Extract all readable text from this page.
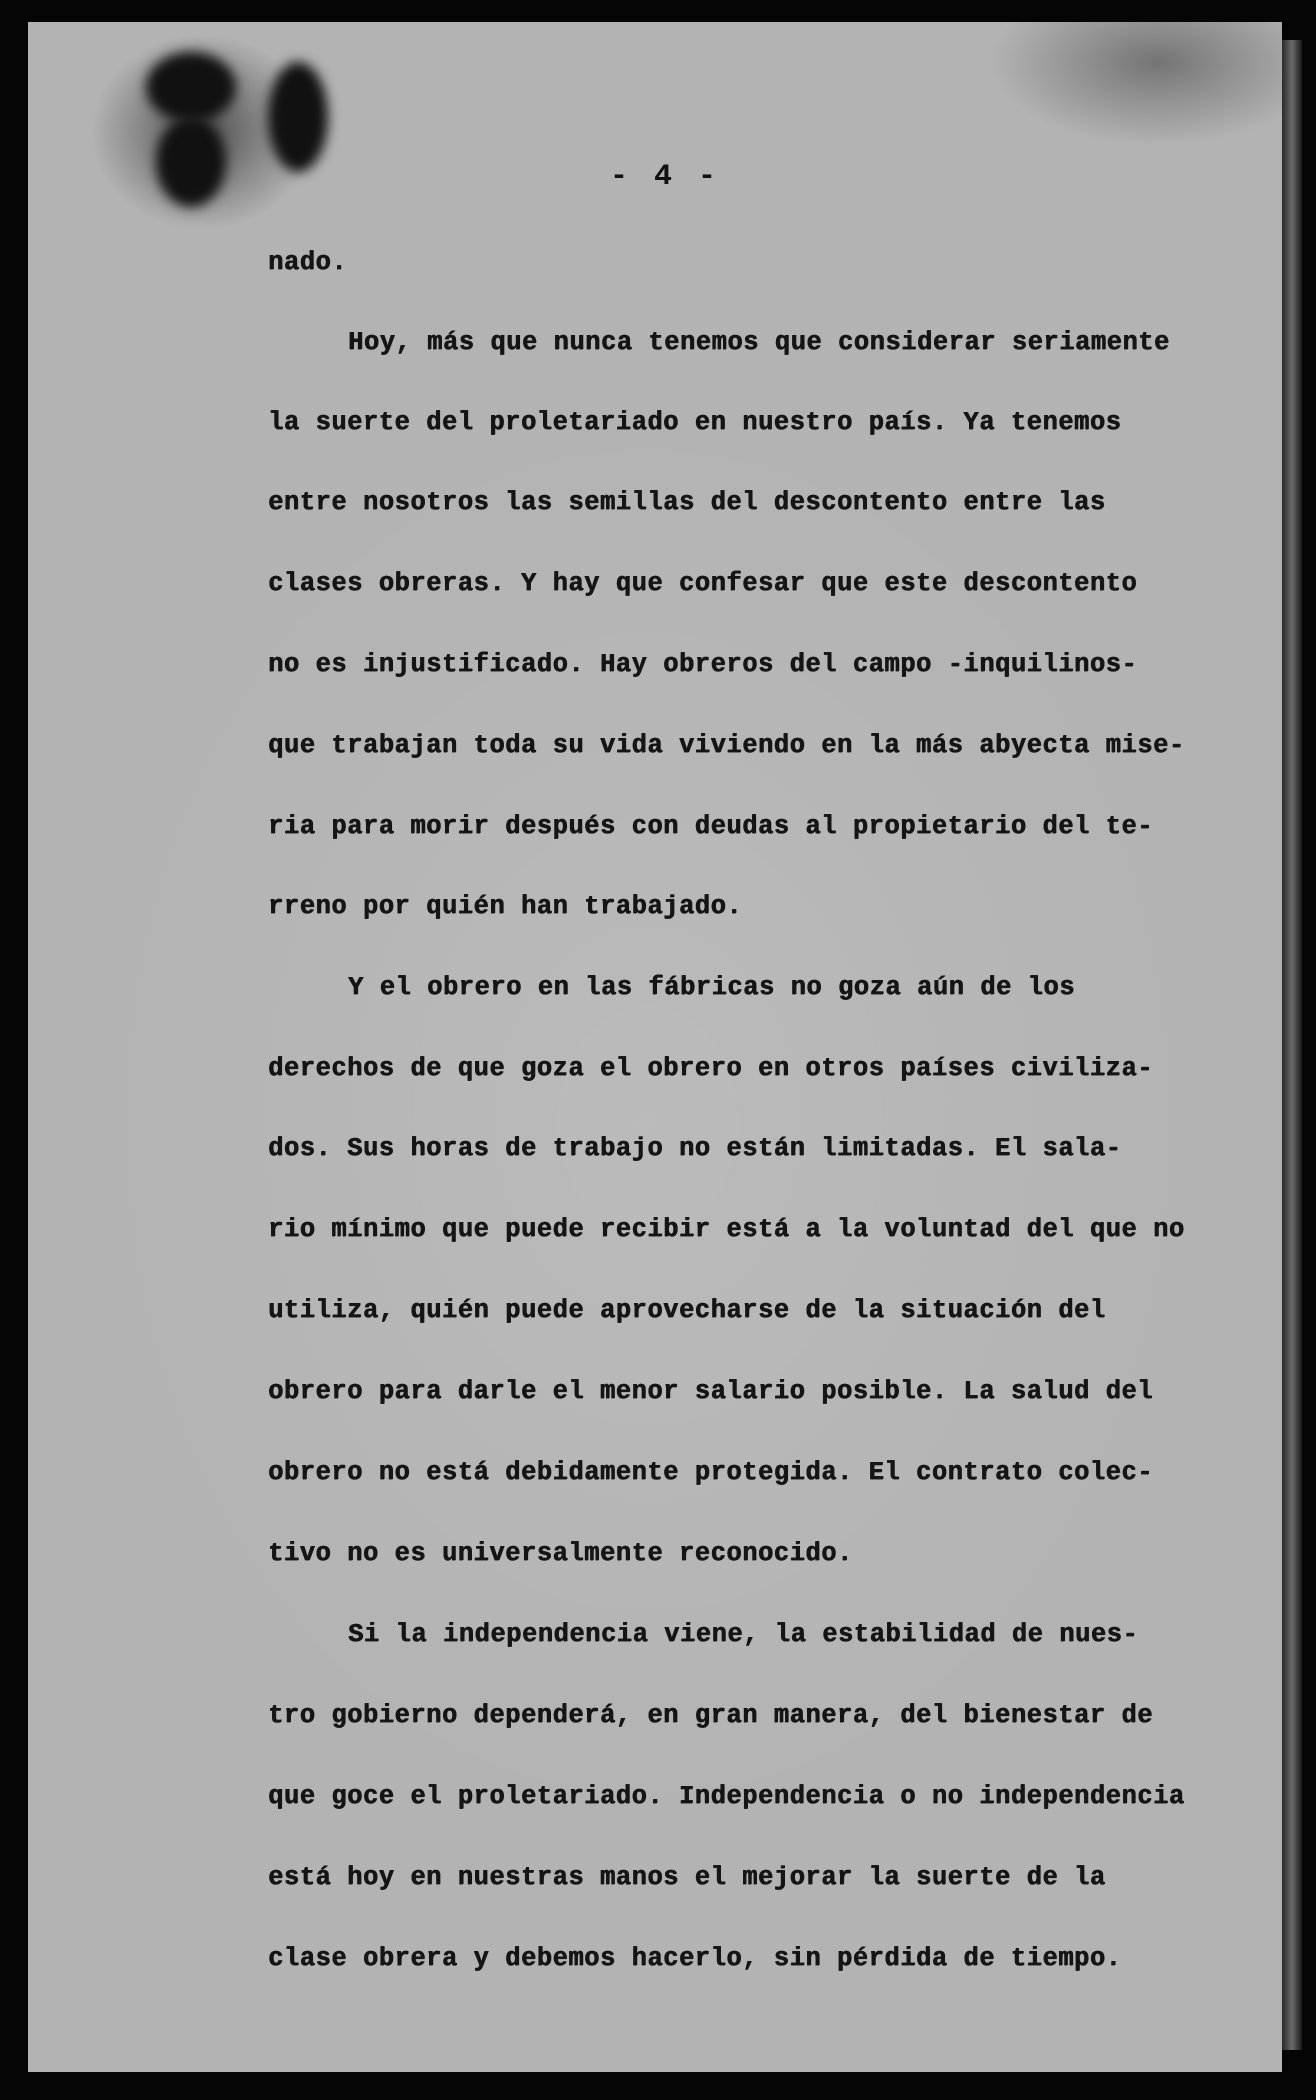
- 4 -
nado.
Hoy, más que nunca tenemos que considerar seriamente
la suerte del proletariado en nuestro país. Ya tenemos
entre nosotros las semillas del descontento entre las
clases obreras. Y hay que confesar que este descontento
no es injustificado. Hay obreros del campo -inquilinos-
que trabajan toda su vida viviendo en la más abyecta mise-
ria para morir después con deudas al propietario del te-
rreno por quién han trabajado.
Y el obrero en las fábricas no goza aún de los
derechos de que goza el obrero en otros países civiliza-
dos. Sus horas de trabajo no están limitadas. El sala-
rio mínimo que puede recibir está a la voluntad del que no
utiliza, quién puede aprovecharse de la situación del
obrero para darle el menor salario posible. La salud del
obrero no está debidamente protegida. El contrato colec-
tivo no es universalmente reconocido.
Si la independencia viene, la estabilidad de nues-
tro gobierno dependerá, en gran manera, del bienestar de
que goce el proletariado. Independencia o no independencia
está hoy en nuestras manos el mejorar la suerte de la
clase obrera y debemos hacerlo, sin pérdida de tiempo.
